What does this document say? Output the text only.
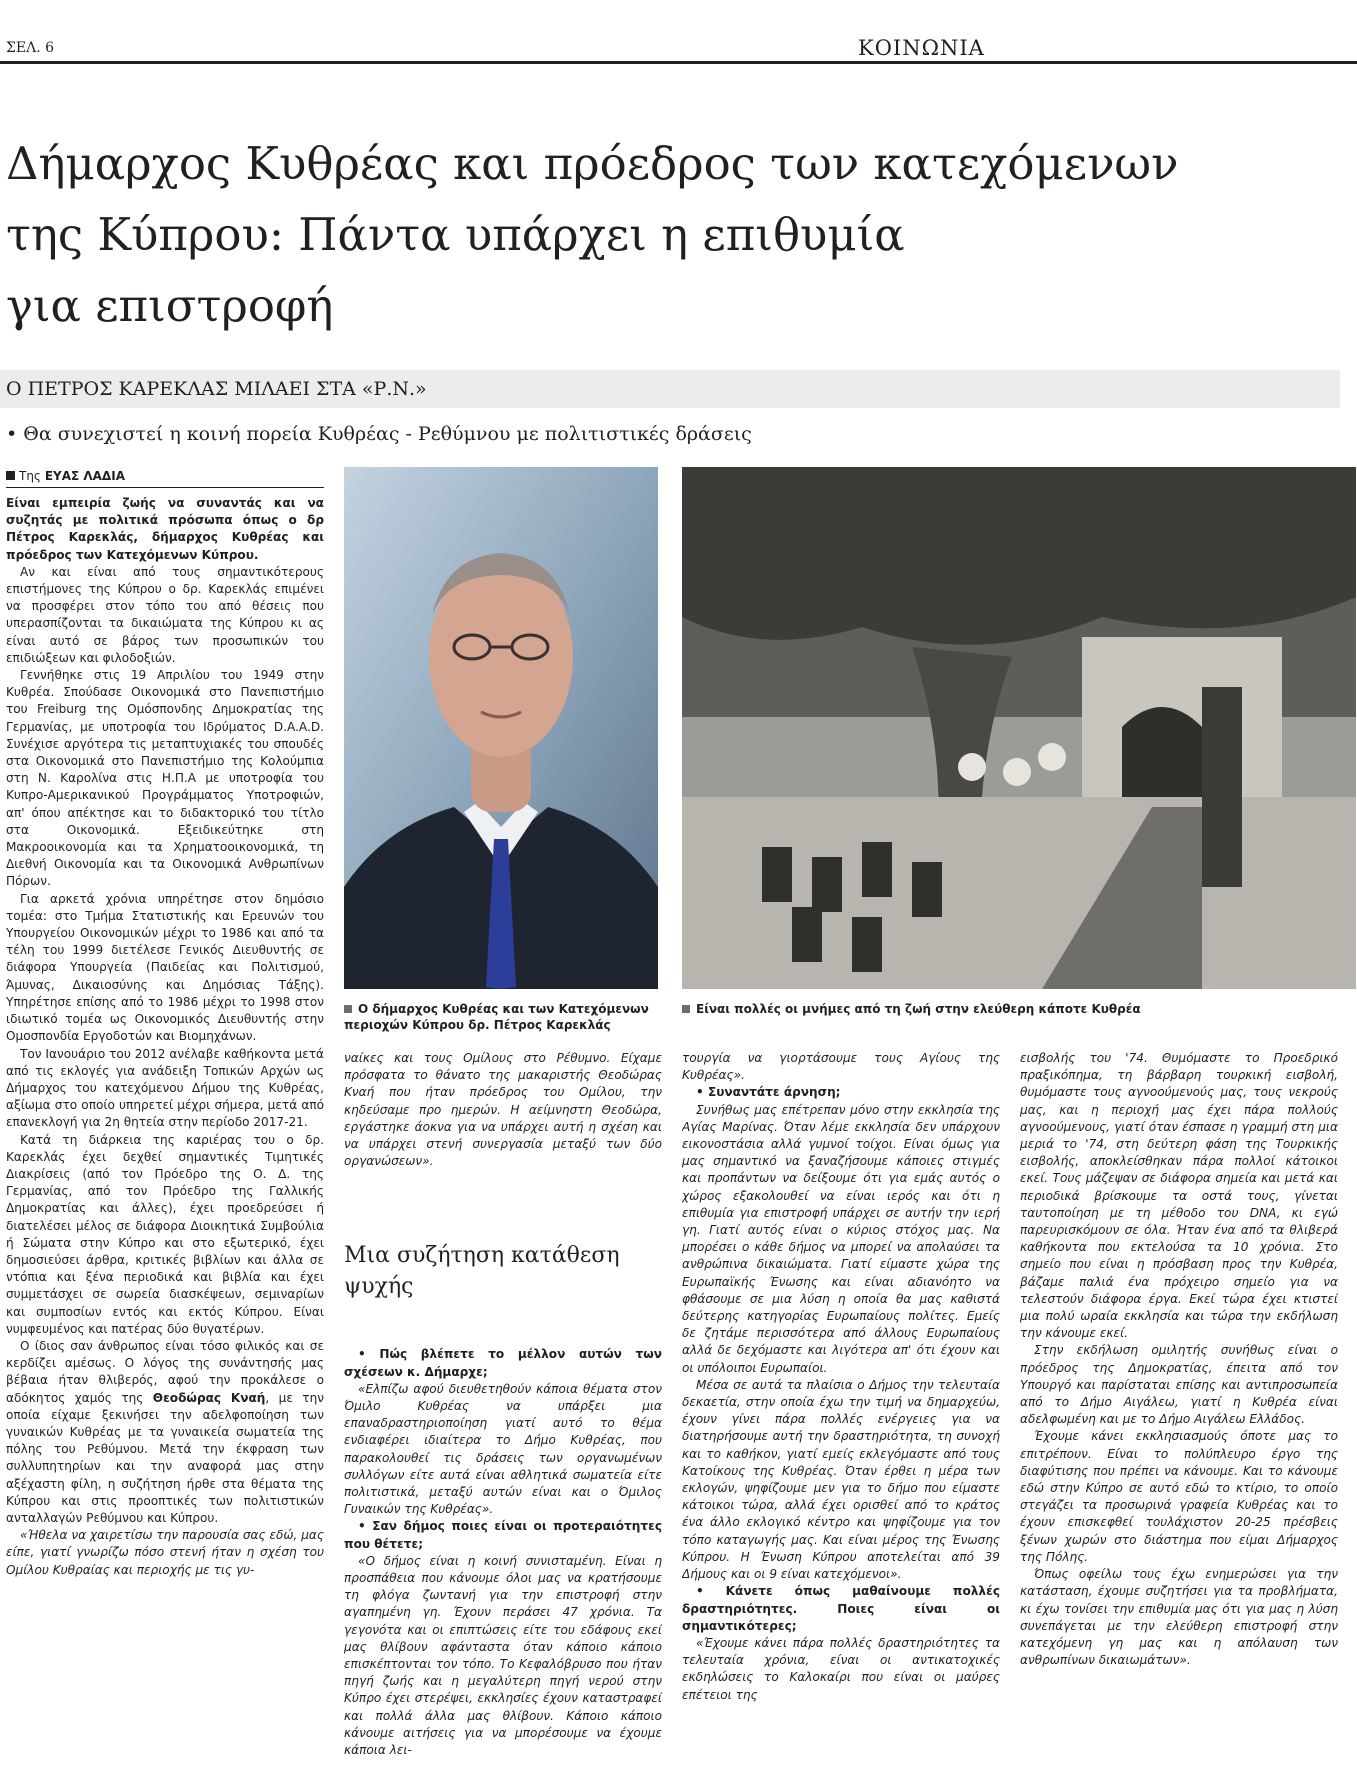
ΣΕΛ. 6	ΚΟΙΝΩΝΙΑ
Δήμαρχος Κυθρέας και πρόεδρος των κατεχόμενων
της Κύπρου: Πάντα υπάρχει η επιθυμία
για επιστροφή
Ο ΠΕΤΡΟΣ ΚΑΡΕΚΛΑΣ ΜΙΛΑΕΙ ΣΤΑ «Ρ.Ν.»
• Θα συνεχιστεί η κοινή πορεία Κυθρέας - Ρεθύμνου με πολιτιστικές δράσεις
Της ΕΥΑΣ ΛΑΔΙΑ

Είναι εμπειρία ζωής να συναντάς και να συζητάς με πολιτικά πρόσωπα όπως ο δρ Πέτρος Καρεκλάς, δήμαρχος Κυθρέας και πρόεδρος των Κατεχόμενων Κύπρου.

Αν και είναι από τους σημαντικότερους επιστήμονες της Κύπρου ο δρ. Καρεκλάς επιμένει να προσφέρει στον τόπο του από θέσεις που υπερασπίζονται τα δικαιώματα της Κύπρου κι ας είναι αυτό σε βάρος των προσωπικών του επιδιώξεων και φιλοδοξιών.

Γεννήθηκε στις 19 Απριλίου του 1949 στην Κυθρέα. Σπούδασε Οικονομικά στο Πανεπιστήμιο του Freiburg της Ομόσπονδης Δημοκρατίας της Γερμανίας, με υποτροφία του Ιδρύματος D.A.A.D. Συνέχισε αργότερα τις μεταπτυχιακές του σπουδές στα Οικονομικά στο Πανεπιστήμιο της Κολούμπια στη Ν. Καρολίνα στις Η.Π.Α με υποτροφία του Κυπρο-Αμερικανικού Προγράμματος Υποτροφιών, απ' όπου απέκτησε και το διδακτορικό του τίτλο στα Οικονομικά. Εξειδικεύτηκε στη Μακροοικονομία και τα Χρηματοοικονομικά, τη Διεθνή Οικονομία και τα Οικονομικά Ανθρωπίνων Πόρων.

Για αρκετά χρόνια υπηρέτησε στον δημόσιο τομέα: στο Τμήμα Στατιστικής και Ερευνών του Υπουργείου Οικονομικών μέχρι το 1986 και από τα τέλη του 1999 διετέλεσε Γενικός Διευθυντής σε διάφορα Υπουργεία (Παιδείας και Πολιτισμού, Άμυνας, Δικαιοσύνης και Δημόσιας Τάξης). Υπηρέτησε επίσης από το 1986 μέχρι το 1998 στον ιδιωτικό τομέα ως Οικονομικός Διευθυντής στην Ομοσπονδία Εργοδοτών και Βιομηχάνων.

Τον Ιανουάριο του 2012 ανέλαβε καθήκοντα μετά από τις εκλογές για ανάδειξη Τοπικών Αρχών ως Δήμαρχος του κατεχόμενου Δήμου της Κυθρέας, αξίωμα στο οποίο υπηρετεί μέχρι σήμερα, μετά από επανεκλογή για 2η θητεία στην περίοδο 2017-21.

Κατά τη διάρκεια της καριέρας του ο δρ. Καρεκλάς έχει δεχθεί σημαντικές Τιμητικές Διακρίσεις (από τον Πρόεδρο της Ο. Δ. της Γερμανίας, από τον Πρόεδρο της Γαλλικής Δημοκρατίας και άλλες), έχει προεδρεύσει ή διατελέσει μέλος σε διάφορα Διοικητικά Συμβούλια ή Σώματα στην Κύπρο και στο εξωτερικό, έχει δημοσιεύσει άρθρα, κριτικές βιβλίων και άλλα σε ντόπια και ξένα περιοδικά και βιβλία και έχει συμμετάσχει σε σωρεία διασκέψεων, σεμιναρίων και συμποσίων εντός και εκτός Κύπρου. Είναι νυμφευμένος και πατέρας δύο θυγατέρων.

Ο ίδιος σαν άνθρωπος είναι τόσο φιλικός και σε κερδίζει αμέσως. Ο λόγος της συνάντησής μας βέβαια ήταν θλιβερός, αφού την προκάλεσε ο αδόκητος χαμός της Θεοδώρας Κναή, με την οποία είχαμε ξεκινήσει την αδελφοποίηση των γυναικών Κυθρέας με τα γυναικεία σωματεία της πόλης του Ρεθύμνου. Μετά την έκφραση των συλλυπητηρίων και την αναφορά μας στην αξέχαστη φίλη, η συζήτηση ήρθε στα θέματα της Κύπρου και στις προοπτικές των πολιτιστικών ανταλλαγών Ρεθύμνου και Κύπρου.

«Ήθελα να χαιρετίσω την παρουσία σας εδώ, μας είπε, γιατί γνωρίζω πόσο στενή ήταν η σχέση του Ομίλου Κυθραίας και περιοχής με τις γυ-

Ο δήμαρχος Κυθρέας και των Κατεχόμενων περιοχών Κύπρου δρ. Πέτρος Καρεκλάς
Είναι πολλές οι μνήμες από τη ζωή στην ελεύθερη κάποτε Κυθρέα

ναίκες και τους Ομίλους στο Ρέθυμνο. Είχαμε πρόσφατα το θάνατο της μακαριστής Θεοδώρας Κναή που ήταν πρόεδρος του Ομίλου, την κηδεύσαμε προ ημερών. Η αείμνηστη Θεοδώρα, εργάστηκε άοκνα για να υπάρχει αυτή η σχέση και να υπάρχει στενή συνεργασία μεταξύ των δύο οργανώσεων».

• Πώς βλέπετε το μέλλον αυτών των σχέσεων κ. Δήμαρχε;

«Ελπίζω αφού διευθετηθούν κάποια θέματα στον Όμιλο Κυθρέας να υπάρξει μια επαναδραστηριοποίηση γιατί αυτό το θέμα ενδιαφέρει ιδιαίτερα το Δήμο Κυθρέας, που παρακολουθεί τις δράσεις των οργανωμένων συλλόγων είτε αυτά είναι αθλητικά σωματεία είτε πολιτιστικά, μεταξύ αυτών είναι και ο Όμιλος Γυναικών της Κυθρέας».

• Σαν δήμος ποιες είναι οι προτεραιότητες που θέτετε;

«Ο δήμος είναι η κοινή συνισταμένη. Είναι η προσπάθεια που κάνουμε όλοι μας να κρατήσουμε τη φλόγα ζωντανή για την επιστροφή στην αγαπημένη γη. Έχουν περάσει 47 χρόνια. Τα γεγονότα και οι επιπτώσεις είτε του εδάφους εκεί μας θλίβουν αφάνταστα όταν κάποιο κάποιο επισκέπτονται τον τόπο. Το Κεφαλόβρυσο που ήταν πηγή ζωής και η μεγαλύτερη πηγή νερού στην Κύπρο έχει στερέψει, εκκλησίες έχουν καταστραφεί και πολλά άλλα μας θλίβουν. Κάποιο κάποιο κάνουμε αιτήσεις για να μπορέσουμε να έχουμε κάποια λει-

Μια συζήτηση κατάθεση ψυχής

τουργία να γιορτάσουμε τους Αγίους της Κυθρέας».

• Συναντάτε άρνηση;

Συνήθως μας επέτρεπαν μόνο στην εκκλησία της Αγίας Μαρίνας. Όταν λέμε εκκλησία δεν υπάρχουν εικονοστάσια αλλά γυμνοί τοίχοι. Είναι όμως για μας σημαντικό να ξαναζήσουμε κάποιες στιγμές και προπάντων να δείξουμε ότι για εμάς αυτός ο χώρος εξακολουθεί να είναι ιερός και ότι η επιθυμία για επιστροφή υπάρχει σε αυτήν την ιερή γη. Γιατί αυτός είναι ο κύριος στόχος μας. Να μπορέσει ο κάθε δήμος να μπορεί να απολαύσει τα ανθρώπινα δικαιώματα. Γιατί είμαστε χώρα της Ευρωπαϊκής Ένωσης και είναι αδιανόητο να φθάσουμε σε μια λύση η οποία θα μας καθιστά δεύτερης κατηγορίας Ευρωπαίους πολίτες. Εμείς δε ζητάμε περισσότερα από άλλους Ευρωπαίους αλλά δε δεχόμαστε και λιγότερα απ' ότι έχουν και οι υπόλοιποι Ευρωπαίοι.

Μέσα σε αυτά τα πλαίσια ο Δήμος την τελευταία δεκαετία, στην οποία έχω την τιμή να δημαρχεύω, έχουν γίνει πάρα πολλές ενέργειες για να διατηρήσουμε αυτή την δραστηριότητα, τη συνοχή και το καθήκον, γιατί εμείς εκλεγόμαστε από τους Κατοίκους της Κυθρέας. Όταν έρθει η μέρα των εκλογών, ψηφίζουμε μεν για το δήμο που είμαστε κάτοικοι τώρα, αλλά έχει ορισθεί από το κράτος ένα άλλο εκλογικό κέντρο και ψηφίζουμε για τον τόπο καταγωγής μας. Και είναι μέρος της Ένωσης Κύπρου. Η Ένωση Κύπρου αποτελείται από 39 Δήμους και οι 9 είναι κατεχόμενοι».

• Κάνετε όπως μαθαίνουμε πολλές δραστηριότητες. Ποιες είναι οι σημαντικότερες;

«Έχουμε κάνει πάρα πολλές δραστηριότητες τα τελευταία χρόνια, είναι οι αντικατοχικές εκδηλώσεις το Καλοκαίρι που είναι οι μαύρες επέτειοι της

εισβολής του '74. Θυμόμαστε το Προεδρικό πραξικόπημα, τη βάρβαρη τουρκική εισβολή, θυμόμαστε τους αγνοούμενούς μας, τους νεκρούς μας, και η περιοχή μας έχει πάρα πολλούς αγνοούμενους, γιατί όταν έσπασε η γραμμή στη μια μεριά το '74, στη δεύτερη φάση της Τουρκικής εισβολής, αποκλείσθηκαν πάρα πολλοί κάτοικοι εκεί. Τους μάζεψαν σε διάφορα σημεία και μετά και περιοδικά βρίσκουμε τα οστά τους, γίνεται ταυτοποίηση με τη μέθοδο του DNA, κι εγώ παρευρισκόμουν σε όλα. Ήταν ένα από τα θλιβερά καθήκοντα που εκτελούσα τα 10 χρόνια. Στο σημείο που είναι η πρόσβαση προς την Κυθρέα, βάζαμε παλιά ένα πρόχειρο σημείο για να τελεστούν διάφορα έργα. Εκεί τώρα έχει κτιστεί μια πολύ ωραία εκκλησία και τώρα την εκδήλωση την κάνουμε εκεί.

Στην εκδήλωση ομιλητής συνήθως είναι ο πρόεδρος της Δημοκρατίας, έπειτα από τον Υπουργό και παρίσταται επίσης και αντιπροσωπεία από το Δήμο Αιγάλεω, γιατί η Κυθρέα είναι αδελφωμένη και με το Δήμο Αιγάλεω Ελλάδος.

Έχουμε κάνει εκκλησιασμούς όποτε μας το επιτρέπουν. Είναι το πολύπλευρο έργο της διαφύτισης που πρέπει να κάνουμε. Και το κάνουμε εδώ στην Κύπρο σε αυτό εδώ το κτίριο, το οποίο στεγάζει τα προσωρινά γραφεία Κυθρέας και το έχουν επισκεφθεί τουλάχιστον 20-25 πρέσβεις ξένων χωρών στο διάστημα που είμαι Δήμαρχος της Πόλης.

Όπως οφείλω τους έχω ενημερώσει για την κατάσταση, έχουμε συζητήσει για τα προβλήματα, κι έχω τονίσει την επιθυμία μας ότι για μας η λύση συνεπάγεται με την ελεύθερη επιστροφή στην κατεχόμενη γη μας και η απόλαυση των ανθρωπίνων δικαιωμάτων».
